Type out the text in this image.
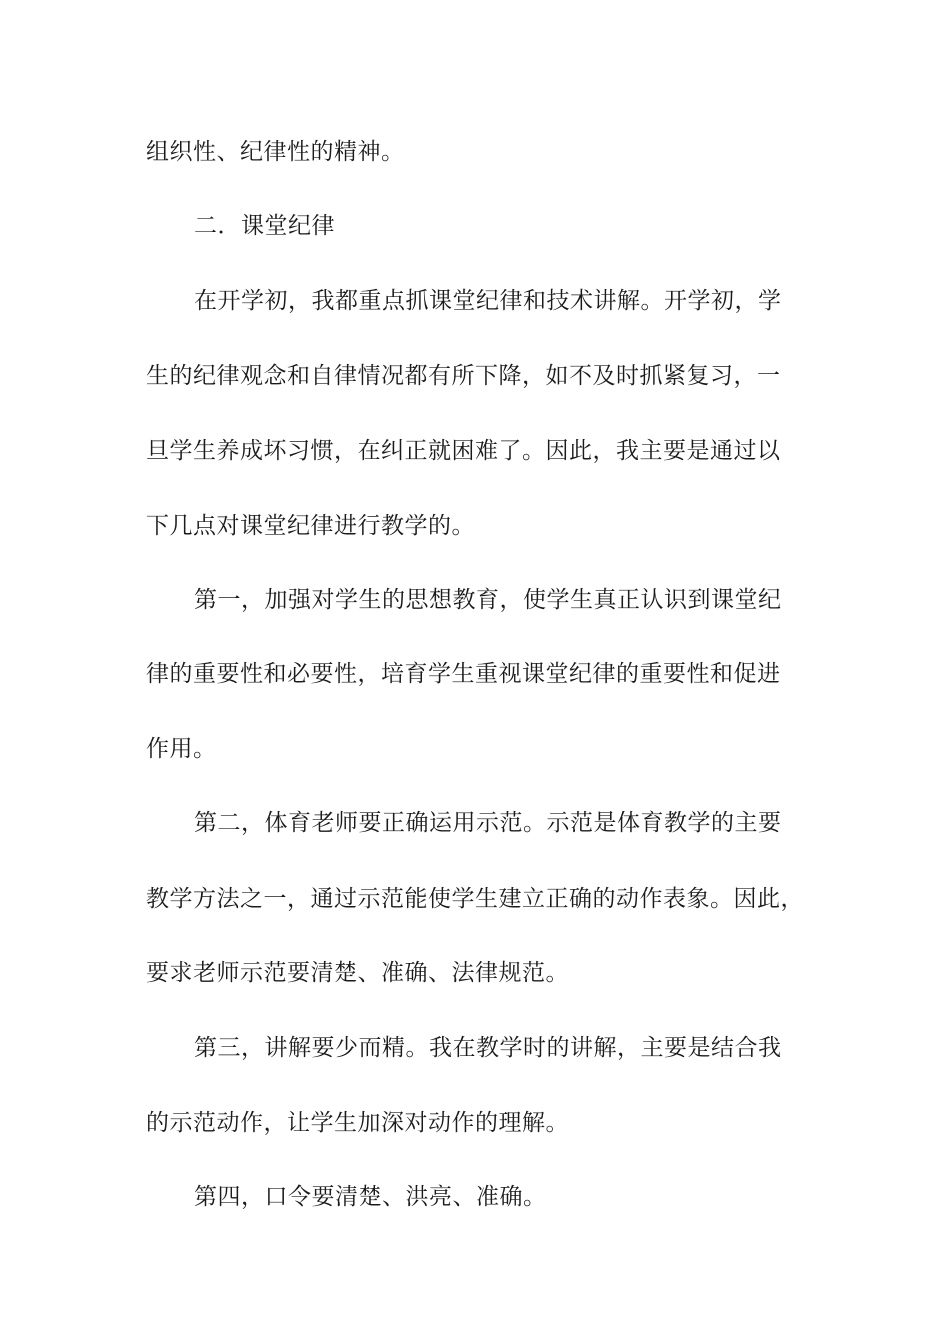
组织性、纪律性的精神。
二．课堂纪律
在开学初，我都重点抓课堂纪律和技术讲解。开学初，学
生的纪律观念和自律情况都有所下降，如不及时抓紧复习，一
旦学生养成坏习惯，在纠正就困难了。因此，我主要是通过以
下几点对课堂纪律进行教学的。
第一，加强对学生的思想教育，使学生真正认识到课堂纪
律的重要性和必要性，培育学生重视课堂纪律的重要性和促进
作用。
第二，体育老师要正确运用示范。示范是体育教学的主要
教学方法之一，通过示范能使学生建立正确的动作表象。因此，
要求老师示范要清楚、准确、法律规范。
第三，讲解要少而精。我在教学时的讲解，主要是结合我
的示范动作，让学生加深对动作的理解。
第四，口令要清楚、洪亮、准确。
